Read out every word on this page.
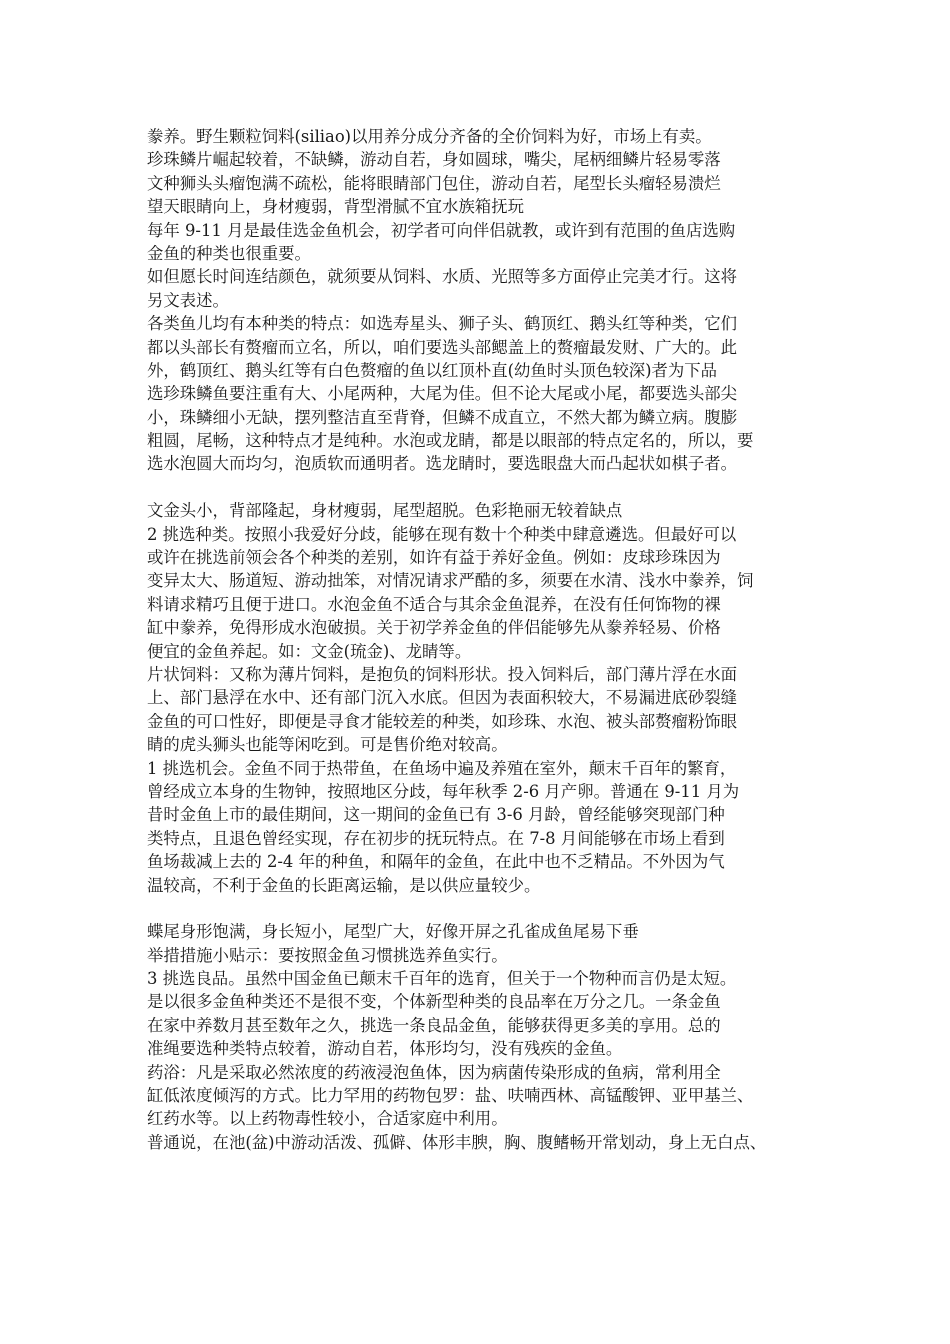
豢养。野生颗粒饲料(siliao)以用养分成分齐备的全价饲料为好，市场上有卖。
珍珠鳞片崛起较着，不缺鳞，游动自若，身如圆球，嘴尖，尾柄细鳞片轻易零落
文种狮头头瘤饱满不疏松，能将眼睛部门包住，游动自若，尾型长头瘤轻易溃烂
望天眼睛向上，身材瘦弱，背型滑腻不宜水族箱抚玩
每年 9-11 月是最佳选金鱼机会，初学者可向伴侣就教，或许到有范围的鱼店选购
金鱼的种类也很重要。
如但愿长时间连结颜色，就须要从饲料、水质、光照等多方面停止完美才行。这将
另文表述。
各类鱼儿均有本种类的特点：如选寿星头、狮子头、鹤顶红、鹅头红等种类，它们
都以头部长有赘瘤而立名，所以，咱们要选头部鳃盖上的赘瘤最发财、广大的。此
外，鹤顶红、鹅头红等有白色赘瘤的鱼以红顶朴直(幼鱼时头顶色较深)者为下品
选珍珠鳞鱼要注重有大、小尾两种，大尾为佳。但不论大尾或小尾，都要选头部尖
小，珠鳞细小无缺，摆列整洁直至背脊，但鳞不成直立，不然大都为鳞立病。腹膨
粗圆，尾畅，这种特点才是纯种。水泡或龙睛，都是以眼部的特点定名的，所以，要
选水泡圆大而均匀，泡质软而通明者。选龙睛时，要选眼盘大而凸起状如棋子者。
文金头小，背部隆起，身材瘦弱，尾型超脱。色彩艳丽无较着缺点
2 挑选种类。按照小我爱好分歧，能够在现有数十个种类中肆意遴选。但最好可以
或许在挑选前领会各个种类的差别，如许有益于养好金鱼。例如：皮球珍珠因为
变异太大、肠道短、游动拙笨，对情况请求严酷的多，须要在水清、浅水中豢养，饲
料请求精巧且便于进口。水泡金鱼不适合与其余金鱼混养，在没有任何饰物的裸
缸中豢养，免得形成水泡破损。关于初学养金鱼的伴侣能够先从豢养轻易、价格
便宜的金鱼养起。如：文金(琉金)、龙睛等。
片状饲料：又称为薄片饲料，是抱负的饲料形状。投入饲料后，部门薄片浮在水面
上、部门悬浮在水中、还有部门沉入水底。但因为表面积较大，不易漏进底砂裂缝
金鱼的可口性好，即便是寻食才能较差的种类，如珍珠、水泡、被头部赘瘤粉饰眼
睛的虎头狮头也能等闲吃到。可是售价绝对较高。
1 挑选机会。金鱼不同于热带鱼，在鱼场中遍及养殖在室外，颠末千百年的繁育，
曾经成立本身的生物钟，按照地区分歧，每年秋季 2-6 月产卵。普通在 9-11 月为
昔时金鱼上市的最佳期间，这一期间的金鱼已有 3-6 月龄，曾经能够突现部门种
类特点，且退色曾经实现，存在初步的抚玩特点。在 7-8 月间能够在市场上看到
鱼场裁减上去的 2-4 年的种鱼，和隔年的金鱼，在此中也不乏精品。不外因为气
温较高，不利于金鱼的长距离运输，是以供应量较少。
蝶尾身形饱满，身长短小，尾型广大，好像开屏之孔雀成鱼尾易下垂
举措措施小贴示：要按照金鱼习惯挑选养鱼实行。
3 挑选良品。虽然中国金鱼已颠末千百年的选育，但关于一个物种而言仍是太短。
是以很多金鱼种类还不是很不变，个体新型种类的良品率在万分之几。一条金鱼
在家中养数月甚至数年之久，挑选一条良品金鱼，能够获得更多美的享用。总的
准绳要选种类特点较着，游动自若，体形均匀，没有残疾的金鱼。
药浴：凡是采取必然浓度的药液浸泡鱼体，因为病菌传染形成的鱼病，常利用全
缸低浓度倾泻的方式。比力罕用的药物包罗：盐、呋喃西林、高锰酸钾、亚甲基兰、
红药水等。以上药物毒性较小，合适家庭中利用。
普通说，在池(盆)中游动活泼、孤僻、体形丰腴，胸、腹鳍畅开常划动，身上无白点、
